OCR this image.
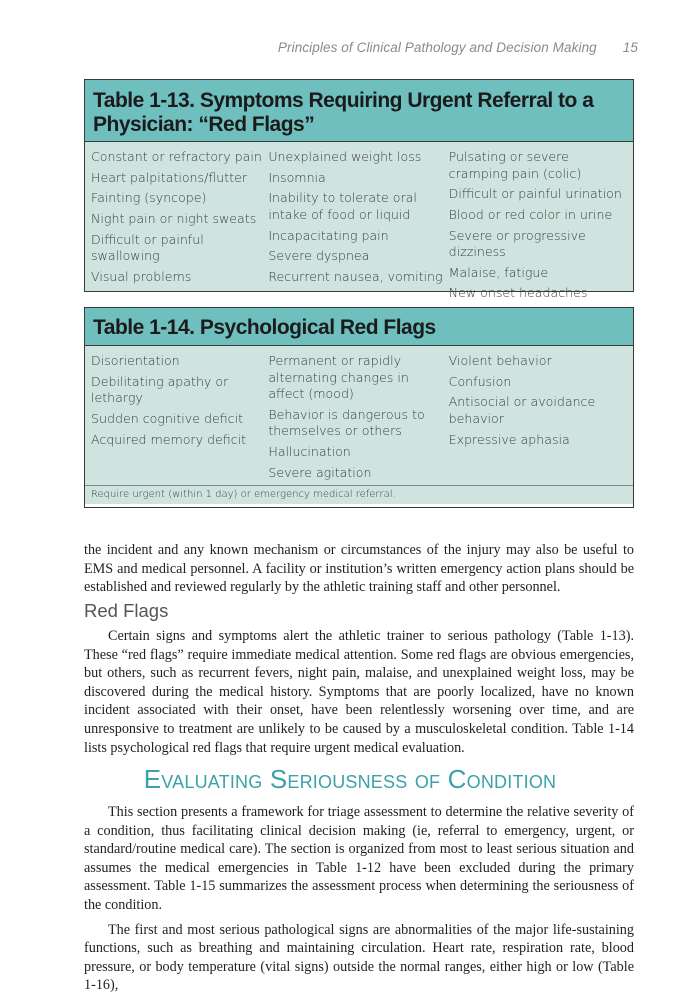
Principles of Clinical Pathology and Decision Making 15
Table 1-13. Symptoms Requiring Urgent Referral to a Physician: “Red Flags”
Constant or refractory pain
Heart palpitations/flutter
Fainting (syncope)
Night pain or night sweats
Difficult or painful swallowing
Visual problems
Unexplained weight loss
Insomnia
Inability to tolerate oral intake of food or liquid
Incapacitating pain
Severe dyspnea
Recurrent nausea, vomiting
Pulsating or severe cramping pain (colic)
Difficult or painful urination
Blood or red color in urine
Severe or progressive dizziness
Malaise, fatigue
New onset headaches
Table 1-14. Psychological Red Flags
Disorientation
Debilitating apathy or lethargy
Sudden cognitive deficit
Acquired memory deficit
Permanent or rapidly alternating changes in affect (mood)
Behavior is dangerous to themselves or others
Hallucination
Severe agitation
Violent behavior
Confusion
Antisocial or avoidance behavior
Expressive aphasia
Require urgent (within 1 day) or emergency medical referral.

the incident and any known mechanism or circumstances of the injury may also be useful to EMS and medical personnel. A facility or institution’s written emergency action plans should be established and reviewed regularly by the athletic training staff and other personnel.

Red Flags

Certain signs and symptoms alert the athletic trainer to serious pathology (Table 1-13). These “red flags” require immediate medical attention. Some red flags are obvious emergencies, but others, such as recurrent fevers, night pain, malaise, and unexplained weight loss, may be discovered during the medical history. Symptoms that are poorly localized, have no known incident associated with their onset, have been relentlessly worsening over time, and are unresponsive to treatment are unlikely to be caused by a musculoskeletal condition. Table 1-14 lists psychological red flags that require urgent medical evaluation.

Evaluating Seriousness of Condition

This section presents a framework for triage assessment to determine the relative severity of a condition, thus facilitating clinical decision making (ie, referral to emergency, urgent, or standard/routine medical care). The section is organized from most to least serious situation and assumes the medical emergencies in Table 1-12 have been excluded during the primary assessment. Table 1-15 summarizes the assessment process when determining the seriousness of the condition.

The first and most serious pathological signs are abnormalities of the major life-sustaining functions, such as breathing and maintaining circulation. Heart rate, respiration rate, blood pressure, or body temperature (vital signs) outside the normal ranges, either high or low (Table 1-16),
